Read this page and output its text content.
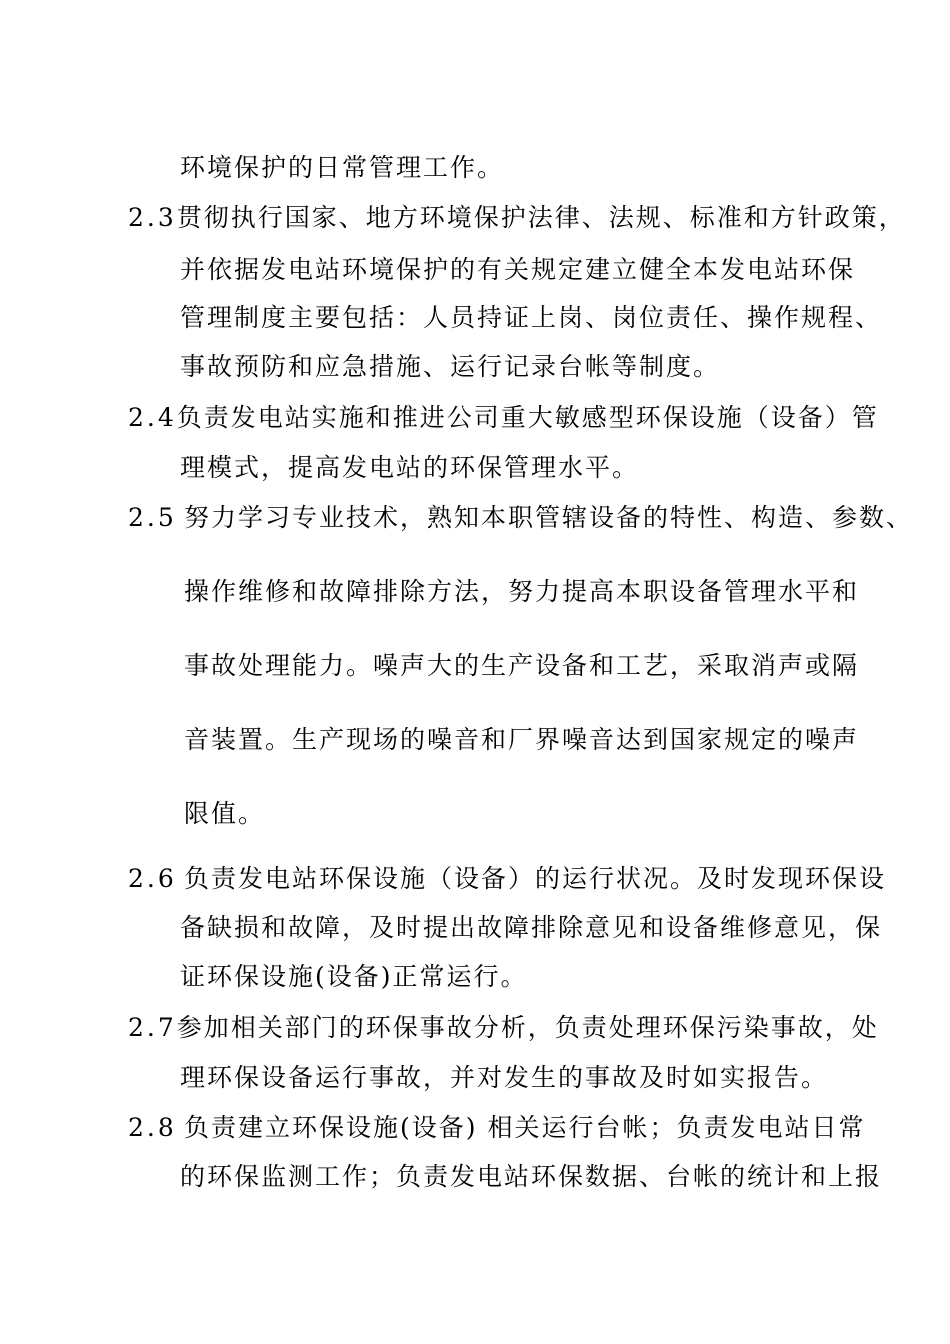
环境保护的日常管理工作。
2.3贯彻执行国家、地方环境保护法律、法规、标准和方针政策，
并依据发电站环境保护的有关规定建立健全本发电站环保
管理制度主要包括：人员持证上岗、岗位责任、操作规程、
事故预防和应急措施、运行记录台帐等制度。
2.4负责发电站实施和推进公司重大敏感型环保设施（设备）管
理模式，提高发电站的环保管理水平。
2.5 努力学习专业技术，熟知本职管辖设备的特性、构造、参数、
操作维修和故障排除方法，努力提高本职设备管理水平和
事故处理能力。噪声大的生产设备和工艺，采取消声或隔
音装置。生产现场的噪音和厂界噪音达到国家规定的噪声
限值。
2.6 负责发电站环保设施（设备）的运行状况。及时发现环保设
备缺损和故障，及时提出故障排除意见和设备维修意见，保
证环保设施(设备)正常运行。
2.7参加相关部门的环保事故分析，负责处理环保污染事故，处
理环保设备运行事故，并对发生的事故及时如实报告。
2.8 负责建立环保设施(设备) 相关运行台帐；负责发电站日常
的环保监测工作；负责发电站环保数据、台帐的统计和上报
